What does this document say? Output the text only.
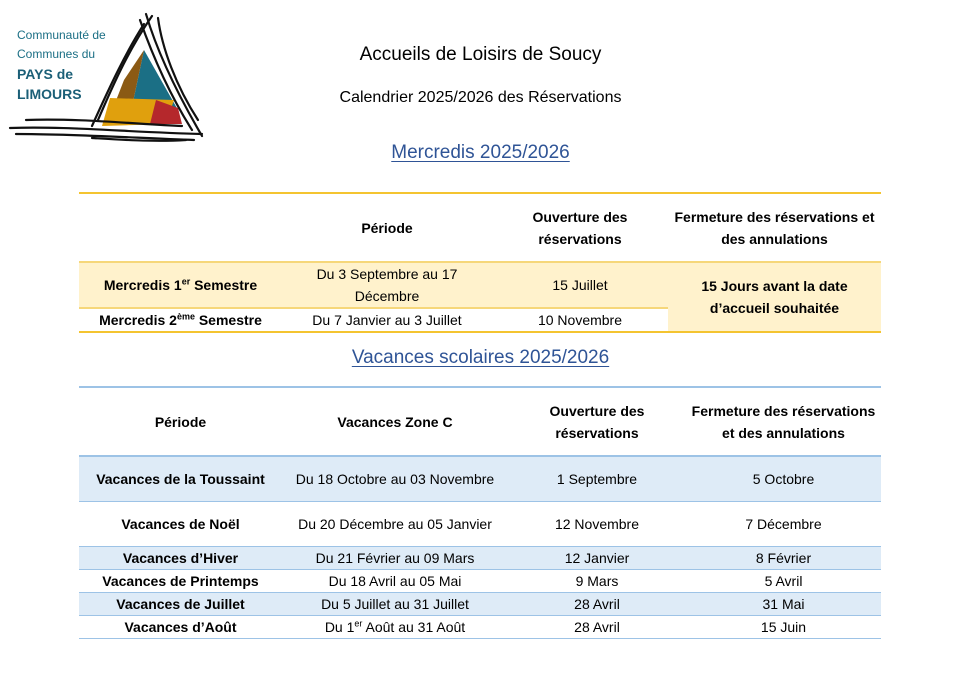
Communauté de
Communes du
PAYS de
LIMOURS
Accueils de Loisirs de Soucy
Calendrier 2025/2026 des Réservations
Mercredis 2025/2026
	Période	Ouverture des réservations	Fermeture des réservations et des annulations
Mercredis 1er Semestre	Du 3 Septembre au 17 Décembre	15 Juillet	15 Jours avant la date d’accueil souhaitée
Mercredis 2ème Semestre	Du 7 Janvier au 3 Juillet	10 Novembre	
Vacances scolaires 2025/2026
Période	Vacances Zone C	Ouverture des réservations	Fermeture des réservations et des annulations
Vacances de la Toussaint	Du 18 Octobre au 03 Novembre	1 Septembre	5 Octobre
Vacances de Noël	Du 20 Décembre au 05 Janvier	12 Novembre	7 Décembre
Vacances d’Hiver	Du 21 Février au 09 Mars	12 Janvier	8 Février
Vacances de Printemps	Du 18 Avril au 05 Mai	9 Mars	5 Avril
Vacances de Juillet	Du 5 Juillet au 31 Juillet	28 Avril	31 Mai
Vacances d’Août	Du 1er Août au 31 Août	28 Avril	15 Juin
